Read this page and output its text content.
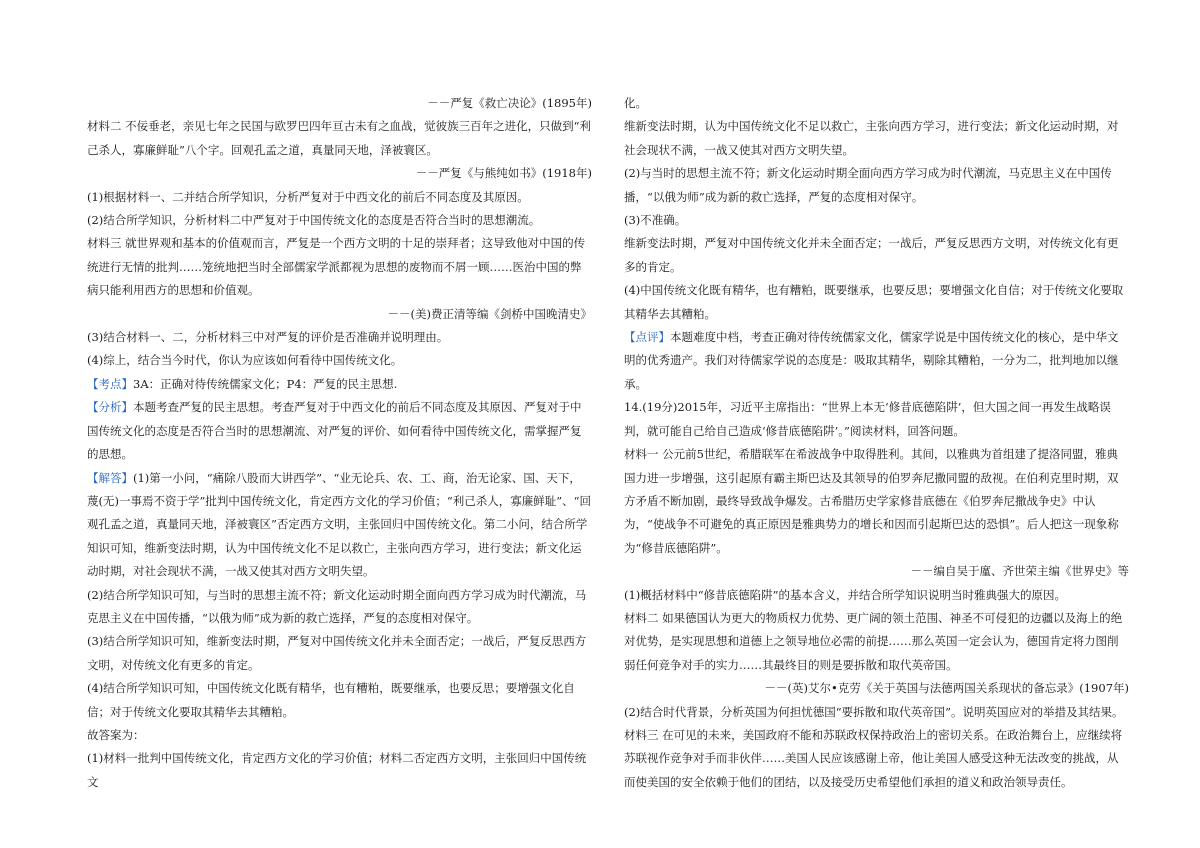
－－严复《救亡决论》(1895年)

材料二 不佞垂老，亲见七年之民国与欧罗巴四年亘古未有之血战，觉彼族三百年之进化，只做到“利己杀人，寡廉鲜耻”八个字。回观孔孟之道，真量同天地，泽被寰区。

－－严复《与熊纯如书》(1918年)

(1)根据材料一、二并结合所学知识，分析严复对于中西文化的前后不同态度及其原因。

(2)结合所学知识，分析材料二中严复对于中国传统文化的态度是否符合当时的思想潮流。

材料三 就世界观和基本的价值观而言，严复是一个西方文明的十足的崇拜者；这导致他对中国的传统进行无情的批判……笼统地把当时全部儒家学派都视为思想的废物而不屑一顾……医治中国的弊病只能利用西方的思想和价值观。

－－(美)费正清等编《剑桥中国晚清史》

(3)结合材料一、二，分析材料三中对严复的评价是否准确并说明理由。

(4)综上，结合当今时代，你认为应该如何看待中国传统文化。

【考点】3A：正确对待传统儒家文化；P4：严复的民主思想.

【分析】本题考查严复的民主思想。考查严复对于中西文化的前后不同态度及其原因、严复对于中国传统文化的态度是否符合当时的思想潮流、对严复的评价、如何看待中国传统文化，需掌握严复的思想。

【解答】(1)第一小问，“痛除八股而大讲西学”、“业无论兵、农、工、商，治无论家、国、天下，蔑(无)一事焉不资于学”批判中国传统文化，肯定西方文化的学习价值；“利己杀人，寡廉鲜耻”、“回观孔孟之道，真量同天地，泽被寰区”否定西方文明，主张回归中国传统文化。第二小问，结合所学知识可知，维新变法时期，认为中国传统文化不足以救亡，主张向西方学习，进行变法；新文化运动时期，对社会现状不满，一战又使其对西方文明失望。

(2)结合所学知识可知，与当时的思想主流不符；新文化运动时期全面向西方学习成为时代潮流，马克思主义在中国传播，“以俄为师”成为新的救亡选择，严复的态度相对保守。

(3)结合所学知识可知，维新变法时期，严复对中国传统文化并未全面否定；一战后，严复反思西方文明，对传统文化有更多的肯定。

(4)结合所学知识可知，中国传统文化既有精华，也有糟粕，既要继承，也要反思；要增强文化自信；对于传统文化要取其精华去其糟粕。

故答案为：

(1)材料一批判中国传统文化，肯定西方文化的学习价值；材料二否定西方文明，主张回归中国传统文

化。

维新变法时期，认为中国传统文化不足以救亡，主张向西方学习，进行变法；新文化运动时期，对社会现状不满，一战又使其对西方文明失望。

(2)与当时的思想主流不符；新文化运动时期全面向西方学习成为时代潮流，马克思主义在中国传播，“以俄为师”成为新的救亡选择，严复的态度相对保守。

(3)不准确。

维新变法时期，严复对中国传统文化并未全面否定；一战后，严复反思西方文明，对传统文化有更多的肯定。

(4)中国传统文化既有精华，也有糟粕，既要继承，也要反思；要增强文化自信；对于传统文化要取其精华去其糟粕。

【点评】本题难度中档，考查正确对待传统儒家文化，儒家学说是中国传统文化的核心，是中华文明的优秀遗产。我们对待儒家学说的态度是：吸取其精华，剔除其糟粕，一分为二，批判地加以继承。

14.(19分)2015年，习近平主席指出：“世界上本无‘修昔底德陷阱’，但大国之间一再发生战略误判，就可能自己给自己造成‘修昔底德陷阱’。”阅读材料，回答问题。

材料一 公元前5世纪，希腊联军在希波战争中取得胜利。其间，以雅典为首组建了提洛同盟，雅典国力进一步增强，这引起原有霸主斯巴达及其领导的伯罗奔尼撒同盟的敌视。在伯利克里时期，双方矛盾不断加剧，最终导致战争爆发。古希腊历史学家修昔底德在《伯罗奔尼撒战争史》中认为，“使战争不可避免的真正原因是雅典势力的增长和因而引起斯巴达的恐惧”。后人把这一现象称为“修昔底德陷阱”。

－－编自吴于廑、齐世荣主编《世界史》等

(1)概括材料中“修昔底德陷阱”的基本含义，并结合所学知识说明当时雅典强大的原因。

材料二 如果德国认为更大的物质权力优势、更广阔的领土范围、神圣不可侵犯的边疆以及海上的绝对优势，是实现思想和道德上之领导地位必需的前提……那么英国一定会认为，德国肯定将力图削弱任何竞争对手的实力……其最终目的则是要拆散和取代英帝国。

－－(英)艾尔•克劳《关于英国与法德两国关系现状的备忘录》(1907年)

(2)结合时代背景，分析英国为何担忧德国“要拆散和取代英帝国”。说明英国应对的举措及其结果。

材料三 在可见的未来，美国政府不能和苏联政权保持政治上的密切关系。在政治舞台上，应继续将苏联视作竞争对手而非伙伴……美国人民应该感谢上帝，他让美国人感受这种无法改变的挑战，从而使美国的安全依赖于他们的团结，以及接受历史希望他们承担的道义和政治领导责任。
